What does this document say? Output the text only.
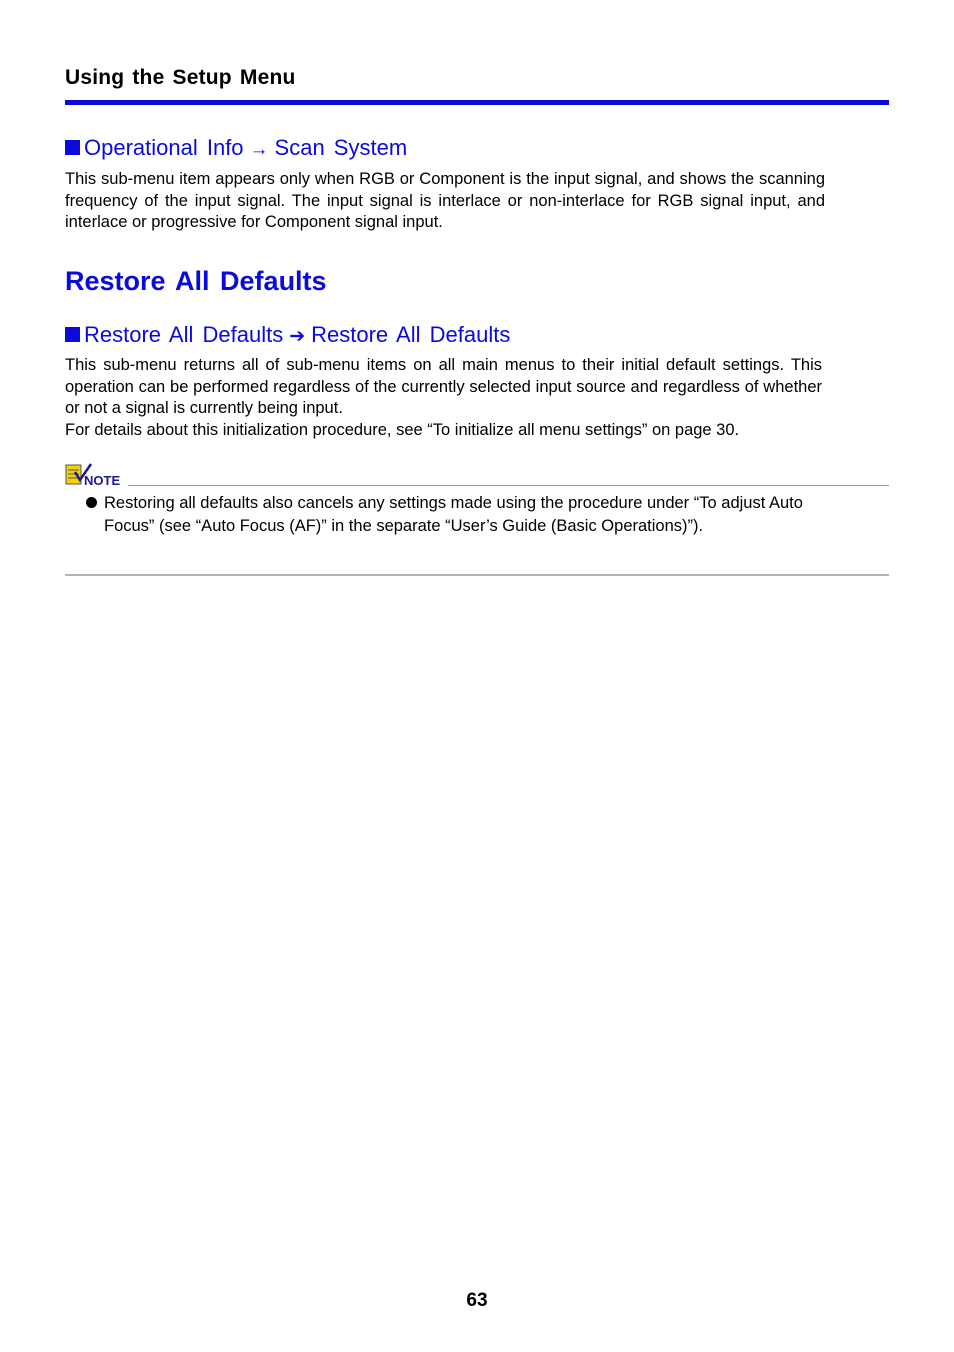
Using the Setup Menu
Operational Info → Scan System

This sub-menu item appears only when RGB or Component is the input signal, and shows the scanning frequency of the input signal. The input signal is interlace or non-interlace for RGB signal input, and interlace or progressive for Component signal input.

Restore All Defaults
Restore All Defaults ➔ Restore All Defaults

This sub-menu returns all of sub-menu items on all main menus to their initial default settings. This operation can be performed regardless of the currently selected input source and regardless of whether or not a signal is currently being input.

For details about this initialization procedure, see “To initialize all menu settings” on page 30.

NOTE
Restoring all defaults also cancels any settings made using the procedure under “To adjust Auto Focus” (see “Auto Focus (AF)” in the separate “User’s Guide (Basic Operations)”).
63
